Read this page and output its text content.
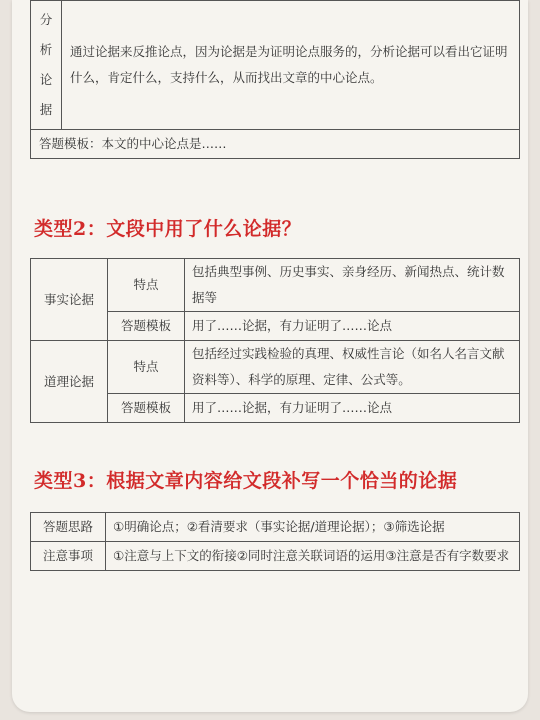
分
析
论
据
	通过论据来反推论点，因为论据是为证明论点服务的，分析论据可以看出它证明什么，肯定什么，支持什么，从而找出文章的中心论点。
答题模板：本文的中心论点是……
类型2：文段中用了什么论据？
事实论据	特点	包括典型事例、历史事实、亲身经历、新闻热点、统计数据等
	答题模板	用了……论据，有力证明了……论点
道理论据	特点	包括经过实践检验的真理、权威性言论（如名人名言文献资料等）、科学的原理、定律、公式等。
	答题模板	用了……论据，有力证明了……论点
类型3：根据文章内容给文段补写一个恰当的论据
答题思路	①明确论点；②看清要求（事实论据/道理论据）；③筛选论据
注意事项	①注意与上下文的衔接②同时注意关联词语的运用③注意是否有字数要求
